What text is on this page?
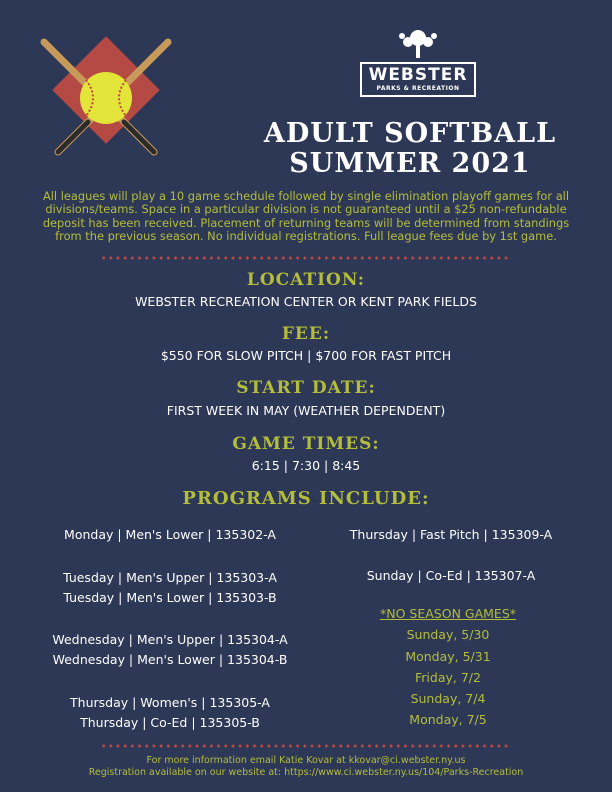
WEBSTER
PARKS & RECREATION
ADULT SOFTBALL
SUMMER 2021
All leagues will play a 10 game schedule followed by single elimination playoff games for all divisions/teams. Space in a particular division is not guaranteed until a $25 non-refundable deposit has been received. Placement of returning teams will be determined from standings from the previous season. No individual registrations. Full league fees due by 1st game.
LOCATION:
WEBSTER RECREATION CENTER OR KENT PARK FIELDS
FEE:
$550 FOR SLOW PITCH | $700 FOR FAST PITCH
START DATE:
FIRST WEEK IN MAY (WEATHER DEPENDENT)
GAME TIMES:
6:15 | 7:30 | 8:45
PROGRAMS INCLUDE:
Monday | Men's Lower | 135302-A
Tuesday | Men's Upper | 135303-A
Tuesday | Men's Lower | 135303-B
Wednesday | Men's Upper | 135304-A
Wednesday | Men's Lower | 135304-B
Thursday | Women's | 135305-A
Thursday | Co-Ed | 135305-B
Thursday | Fast Pitch | 135309-A
Sunday | Co-Ed | 135307-A
*NO SEASON GAMES*
Sunday, 5/30
Monday, 5/31
Friday, 7/2
Sunday, 7/4
Monday, 7/5
For more information email Katie Kovar at kkovar@ci.webster.ny.us
Registration available on our website at: https://www.ci.webster.ny.us/104/Parks-Recreation
